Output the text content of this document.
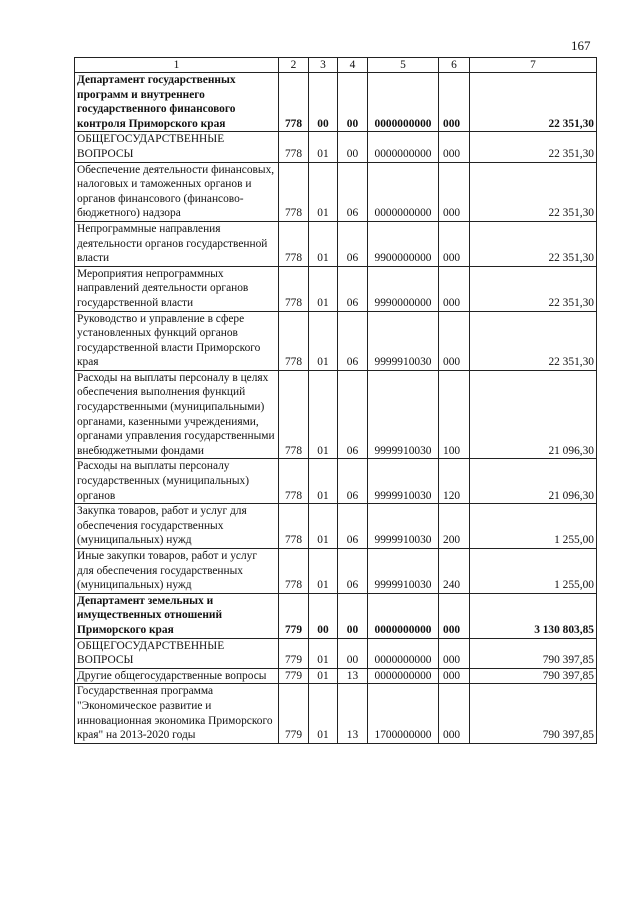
167
1	2	3	4	5	6	7
Департамент государственных программ и внутреннего государственного финансового контроля Приморского края	778	00	00	0000000000	000	22 351,30
ОБЩЕГОСУДАРСТВЕННЫЕ ВОПРОСЫ	778	01	00	0000000000	000	22 351,30
Обеспечение деятельности финансовых, налоговых и таможенных органов и органов финансового (финансово-бюджетного) надзора	778	01	06	0000000000	000	22 351,30
Непрограммные направления деятельности органов государственной власти	778	01	06	9900000000	000	22 351,30
Мероприятия непрограммных направлений деятельности органов государственной власти	778	01	06	9990000000	000	22 351,30
Руководство и управление в сфере установленных функций органов государственной власти Приморского края	778	01	06	9999910030	000	22 351,30
Расходы на выплаты персоналу в целях обеспечения выполнения функций государственными (муниципальными) органами, казенными учреждениями, органами управления государственными внебюджетными фондами	778	01	06	9999910030	100	21 096,30
Расходы на выплаты персоналу государственных (муниципальных) органов	778	01	06	9999910030	120	21 096,30
Закупка товаров, работ и услуг для обеспечения государственных (муниципальных) нужд	778	01	06	9999910030	200	1 255,00
Иные закупки товаров, работ и услуг для обеспечения государственных (муниципальных) нужд	778	01	06	9999910030	240	1 255,00
Департамент земельных и имущественных отношений Приморского края	779	00	00	0000000000	000	3 130 803,85
ОБЩЕГОСУДАРСТВЕННЫЕ ВОПРОСЫ	779	01	00	0000000000	000	790 397,85
Другие общегосударственные вопросы	779	01	13	0000000000	000	790 397,85
Государственная программа "Экономическое развитие и инновационная экономика Приморского края" на 2013-2020 годы	779	01	13	1700000000	000	790 397,85
